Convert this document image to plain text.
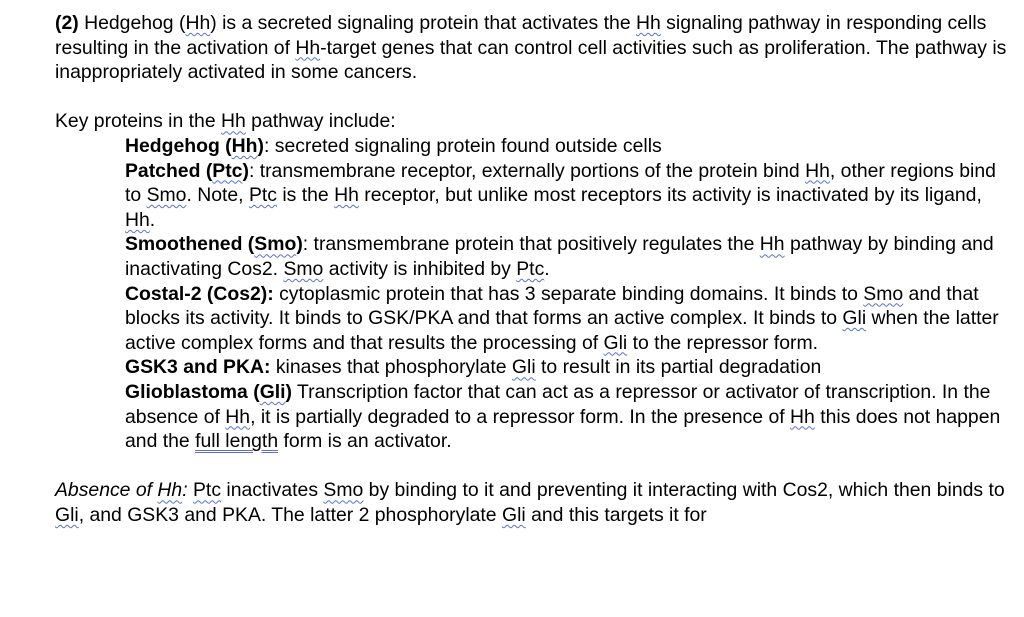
(2) Hedgehog (Hh) is a secreted signaling protein that activates the Hh signaling pathway in responding cells resulting in the activation of Hh-target genes that can control cell activities such as proliferation. The pathway is inappropriately activated in some cancers.

Key proteins in the Hh pathway include:

Hedgehog (Hh): secreted signaling protein found outside cells

Patched (Ptc): transmembrane receptor, externally portions of the protein bind Hh, other regions bind to Smo. Note, Ptc is the Hh receptor, but unlike most receptors its activity is inactivated by its ligand, Hh.

Smoothened (Smo): transmembrane protein that positively regulates the Hh pathway by binding and inactivating Cos2. Smo activity is inhibited by Ptc.

Costal-2 (Cos2): cytoplasmic protein that has 3 separate binding domains. It binds to Smo and that blocks its activity. It binds to GSK/PKA and that forms an active complex. It binds to Gli when the latter active complex forms and that results the processing of Gli to the repressor form.

GSK3 and PKA: kinases that phosphorylate Gli to result in its partial degradation

Glioblastoma (Gli) Transcription factor that can act as a repressor or activator of transcription. In the absence of Hh, it is partially degraded to a repressor form. In the presence of Hh this does not happen and the full length form is an activator.

Absence of Hh: Ptc inactivates Smo by binding to it and preventing it interacting with Cos2, which then binds to Gli, and GSK3 and PKA. The latter 2 phosphorylate Gli and this targets it for
